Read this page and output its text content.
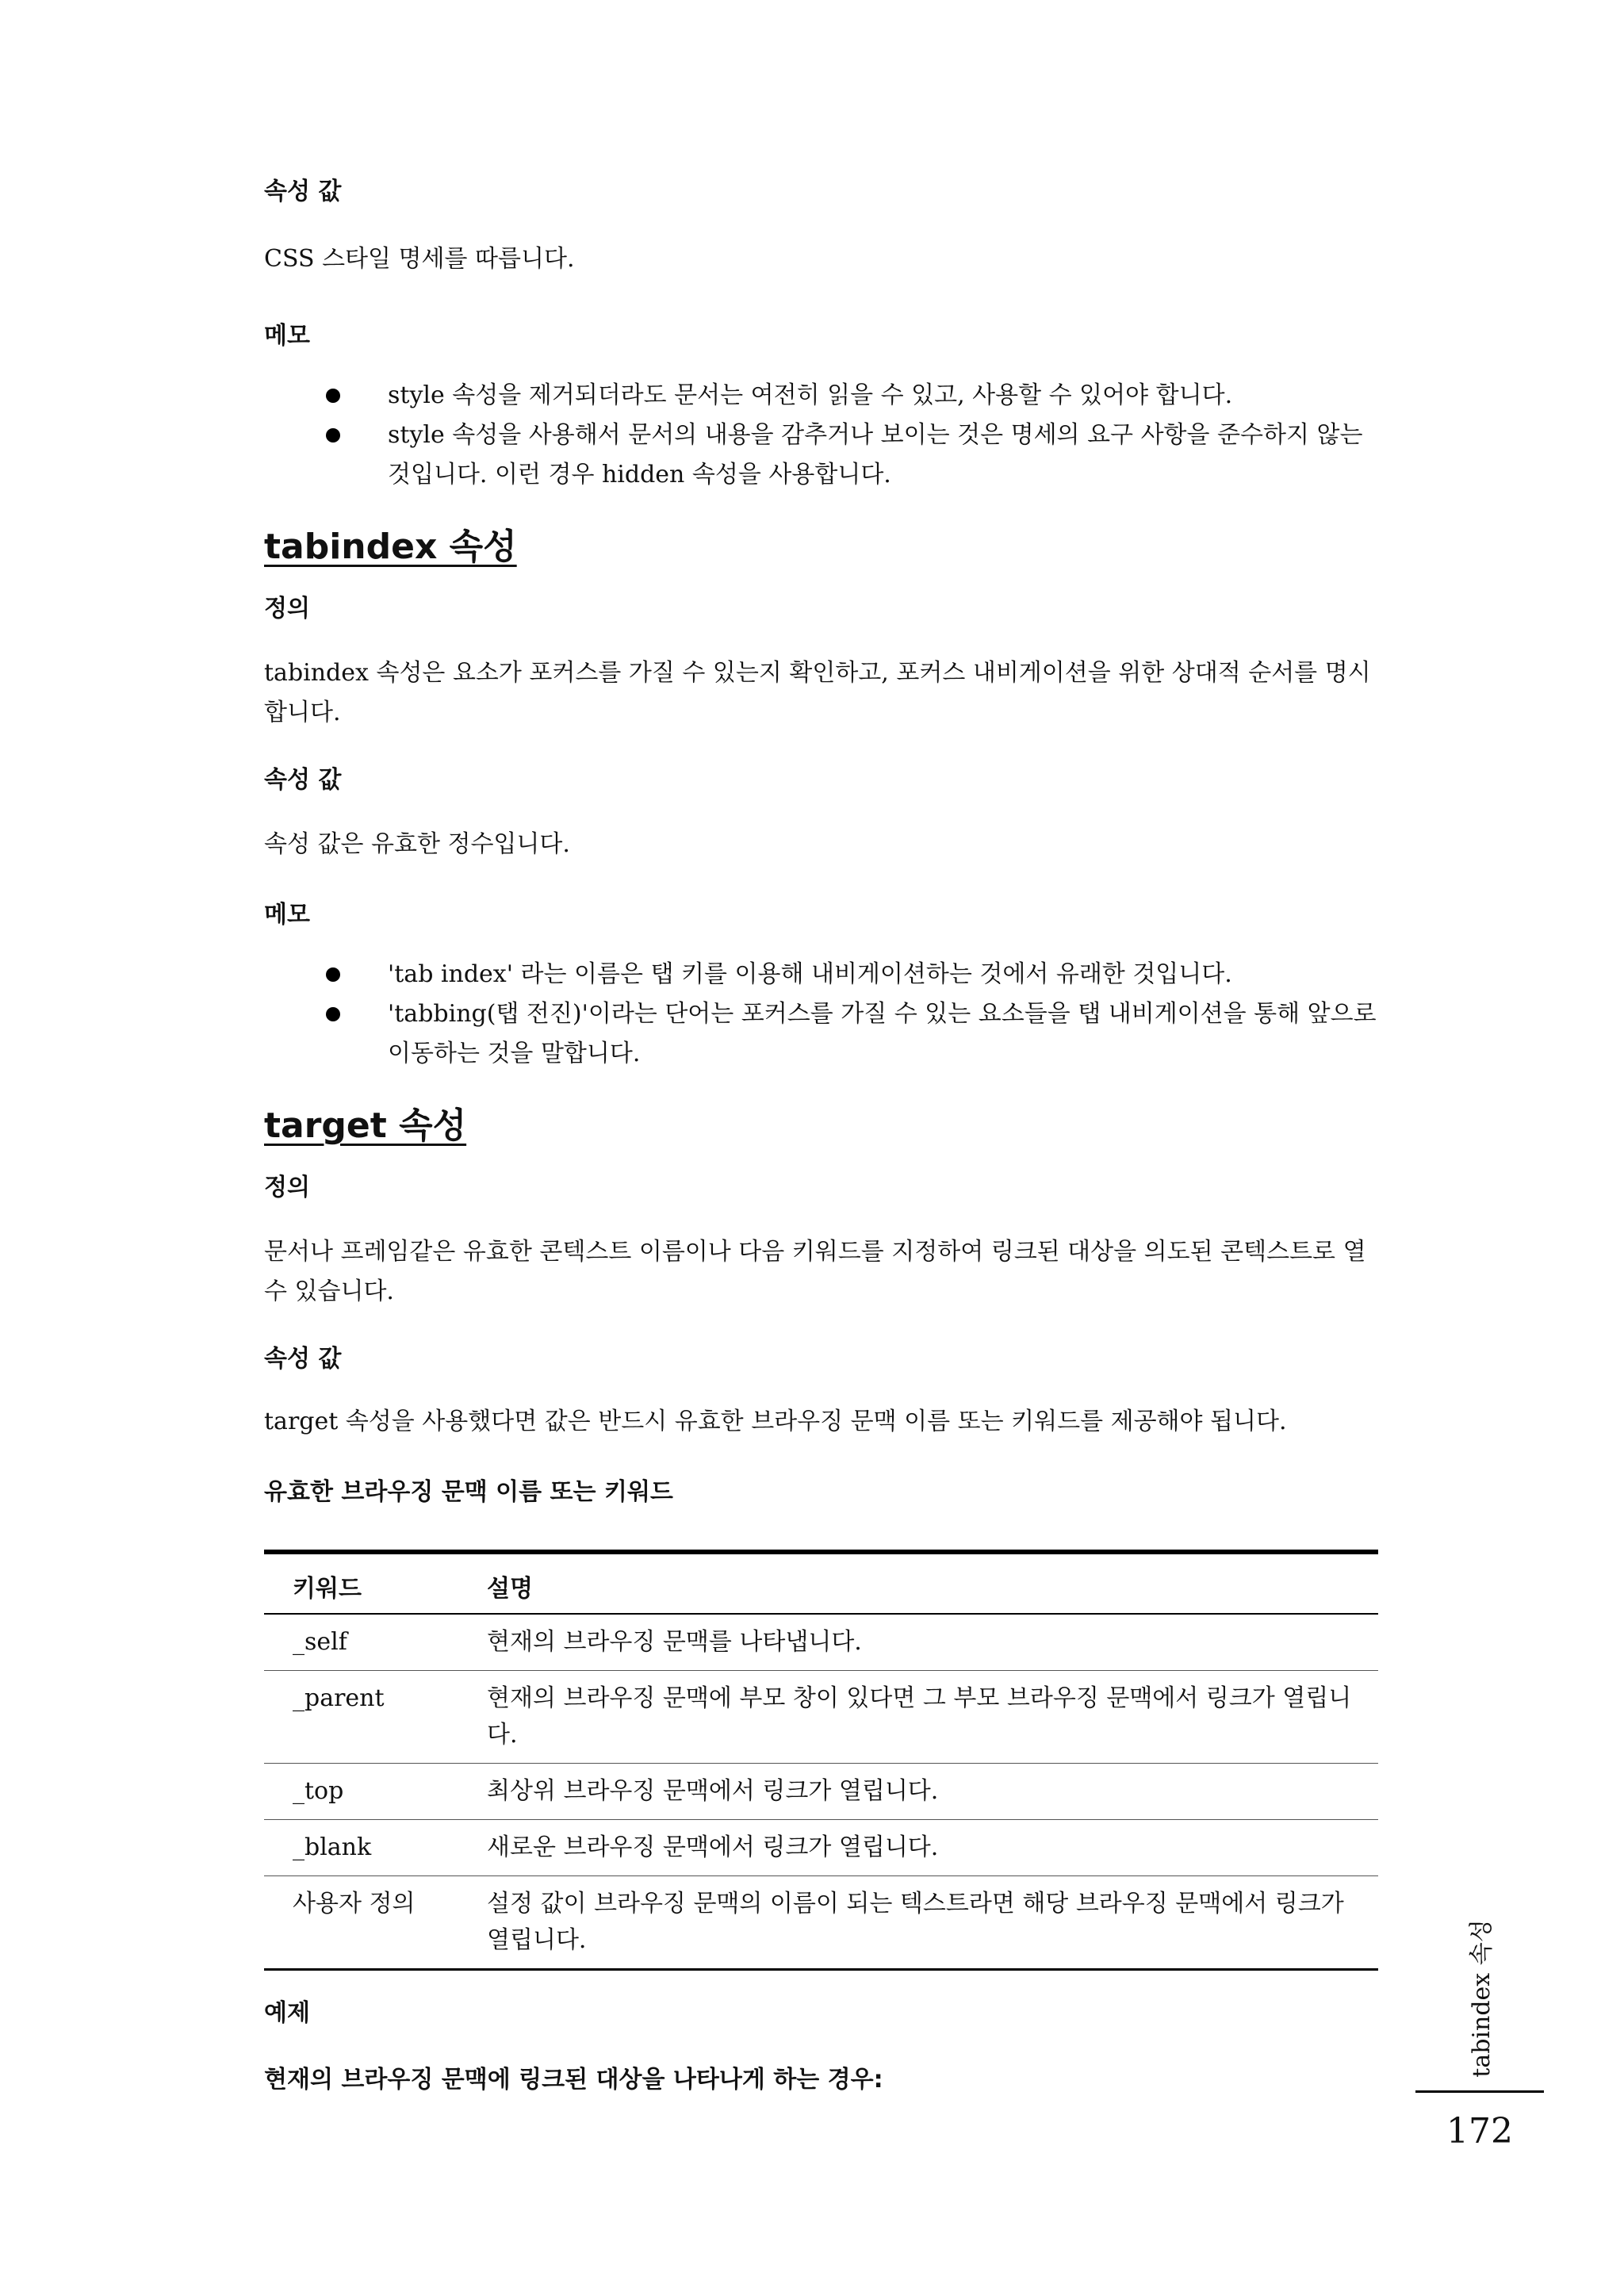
속성 값

CSS 스타일 명세를 따릅니다.

메모
style 속성을 제거되더라도 문서는 여전히 읽을 수 있고, 사용할 수 있어야 합니다.
style 속성을 사용해서 문서의 내용을 감추거나 보이는 것은 명세의 요구 사항을 준수하지 않는 것입니다. 이런 경우 hidden 속성을 사용합니다.
tabindex 속성
정의

tabindex 속성은 요소가 포커스를 가질 수 있는지 확인하고, 포커스 내비게이션을 위한 상대적 순서를 명시합니다.

속성 값

속성 값은 유효한 정수입니다.

메모
'tab index' 라는 이름은 탭 키를 이용해 내비게이션하는 것에서 유래한 것입니다.
'tabbing(탭 전진)'이라는 단어는 포커스를 가질 수 있는 요소들을 탭 내비게이션을 통해 앞으로 이동하는 것을 말합니다.
target 속성
정의

문서나 프레임같은 유효한 콘텍스트 이름이나 다음 키워드를 지정하여 링크된 대상을 의도된 콘텍스트로 열 수 있습니다.

속성 값

target 속성을 사용했다면 값은 반드시 유효한 브라우징 문맥 이름 또는 키워드를 제공해야 됩니다.

유효한 브라우징 문맥 이름 또는 키워드
키워드	설명
_self	현재의 브라우징 문맥를 나타냅니다.
_parent	현재의 브라우징 문맥에 부모 창이 있다면 그 부모 브라우징 문맥에서 링크가 열립니다.
_top	최상위 브라우징 문맥에서 링크가 열립니다.
_blank	새로운 브라우징 문맥에서 링크가 열립니다.
사용자 정의	설정 값이 브라우징 문맥의 이름이 되는 텍스트라면 해당 브라우징 문맥에서 링크가 열립니다.
예제
현재의 브라우징 문맥에 링크된 대상을 나타나게 하는 경우:
tabindex 속성
172
